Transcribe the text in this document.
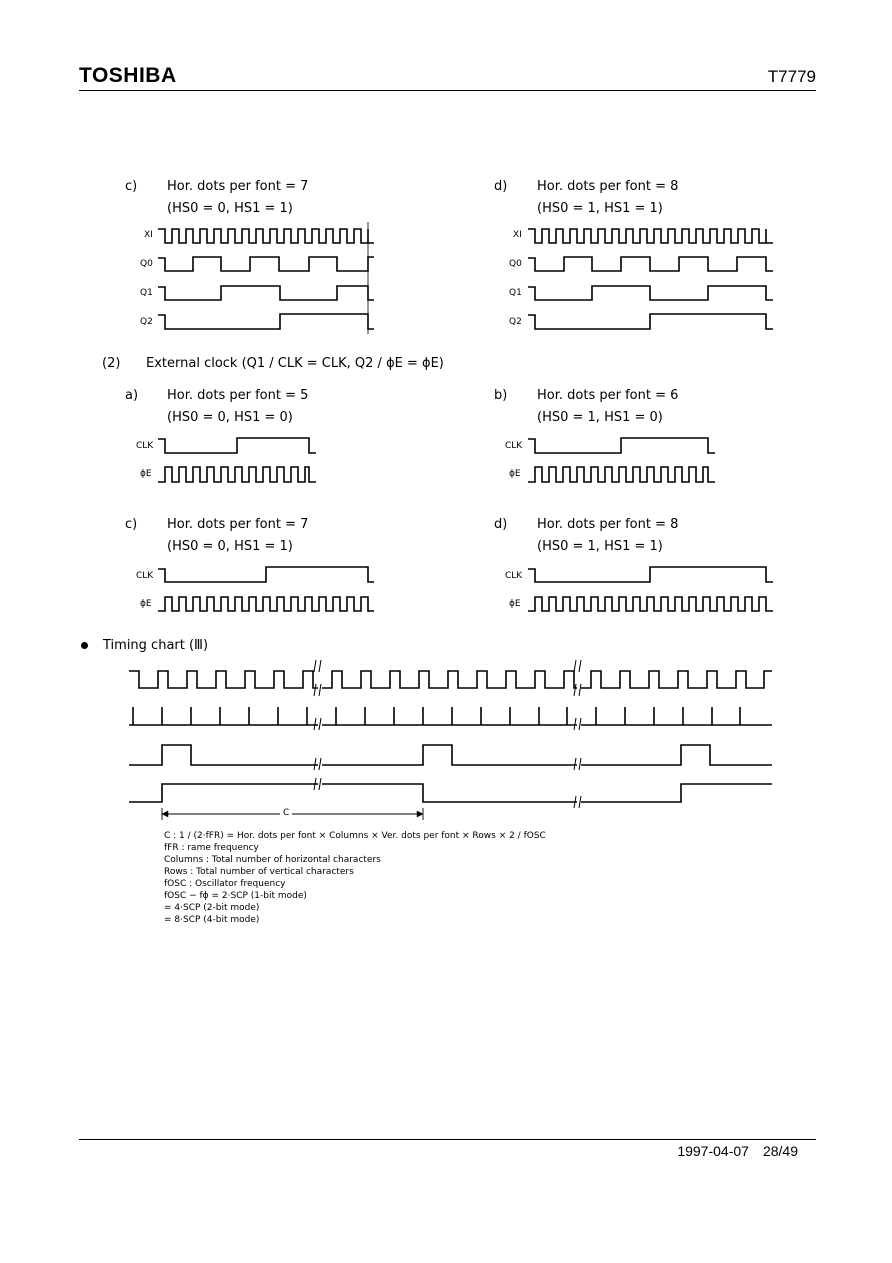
TOSHIBA	T7779
c) Hor. dots per font = 7
(HS0 = 0, HS1 = 1)
XI
Q0
Q1
Q2
d) Hor. dots per font = 8
(HS0 = 1, HS1 = 1)
XI
Q0
Q1
Q2
(2) External clock (Q1 / CLK = CLK, Q2 / ϕE = ϕE)
a) Hor. dots per font = 5
(HS0 = 0, HS1 = 0)
CLK
ϕE
b) Hor. dots per font = 6
(HS0 = 1, HS1 = 0)
CLK
ϕE
c) Hor. dots per font = 7
(HS0 = 0, HS1 = 1)
CLK
ϕE
d) Hor. dots per font = 8
(HS0 = 1, HS1 = 1)
CLK
ϕE
Timing chart (Ⅲ)
C
C : 1 / (2·fFR) = Hor. dots per font × Columns × Ver. dots per font × Rows × 2 / fOSC
fFR : rame frequency
Columns : Total number of horizontal characters
Rows : Total number of vertical characters
fOSC : Oscillator frequency
fOSC − fϕ = 2·SCP (1-bit mode)
= 4·SCP (2-bit mode)
= 8·SCP (4-bit mode)
1997-04-07 28/49
